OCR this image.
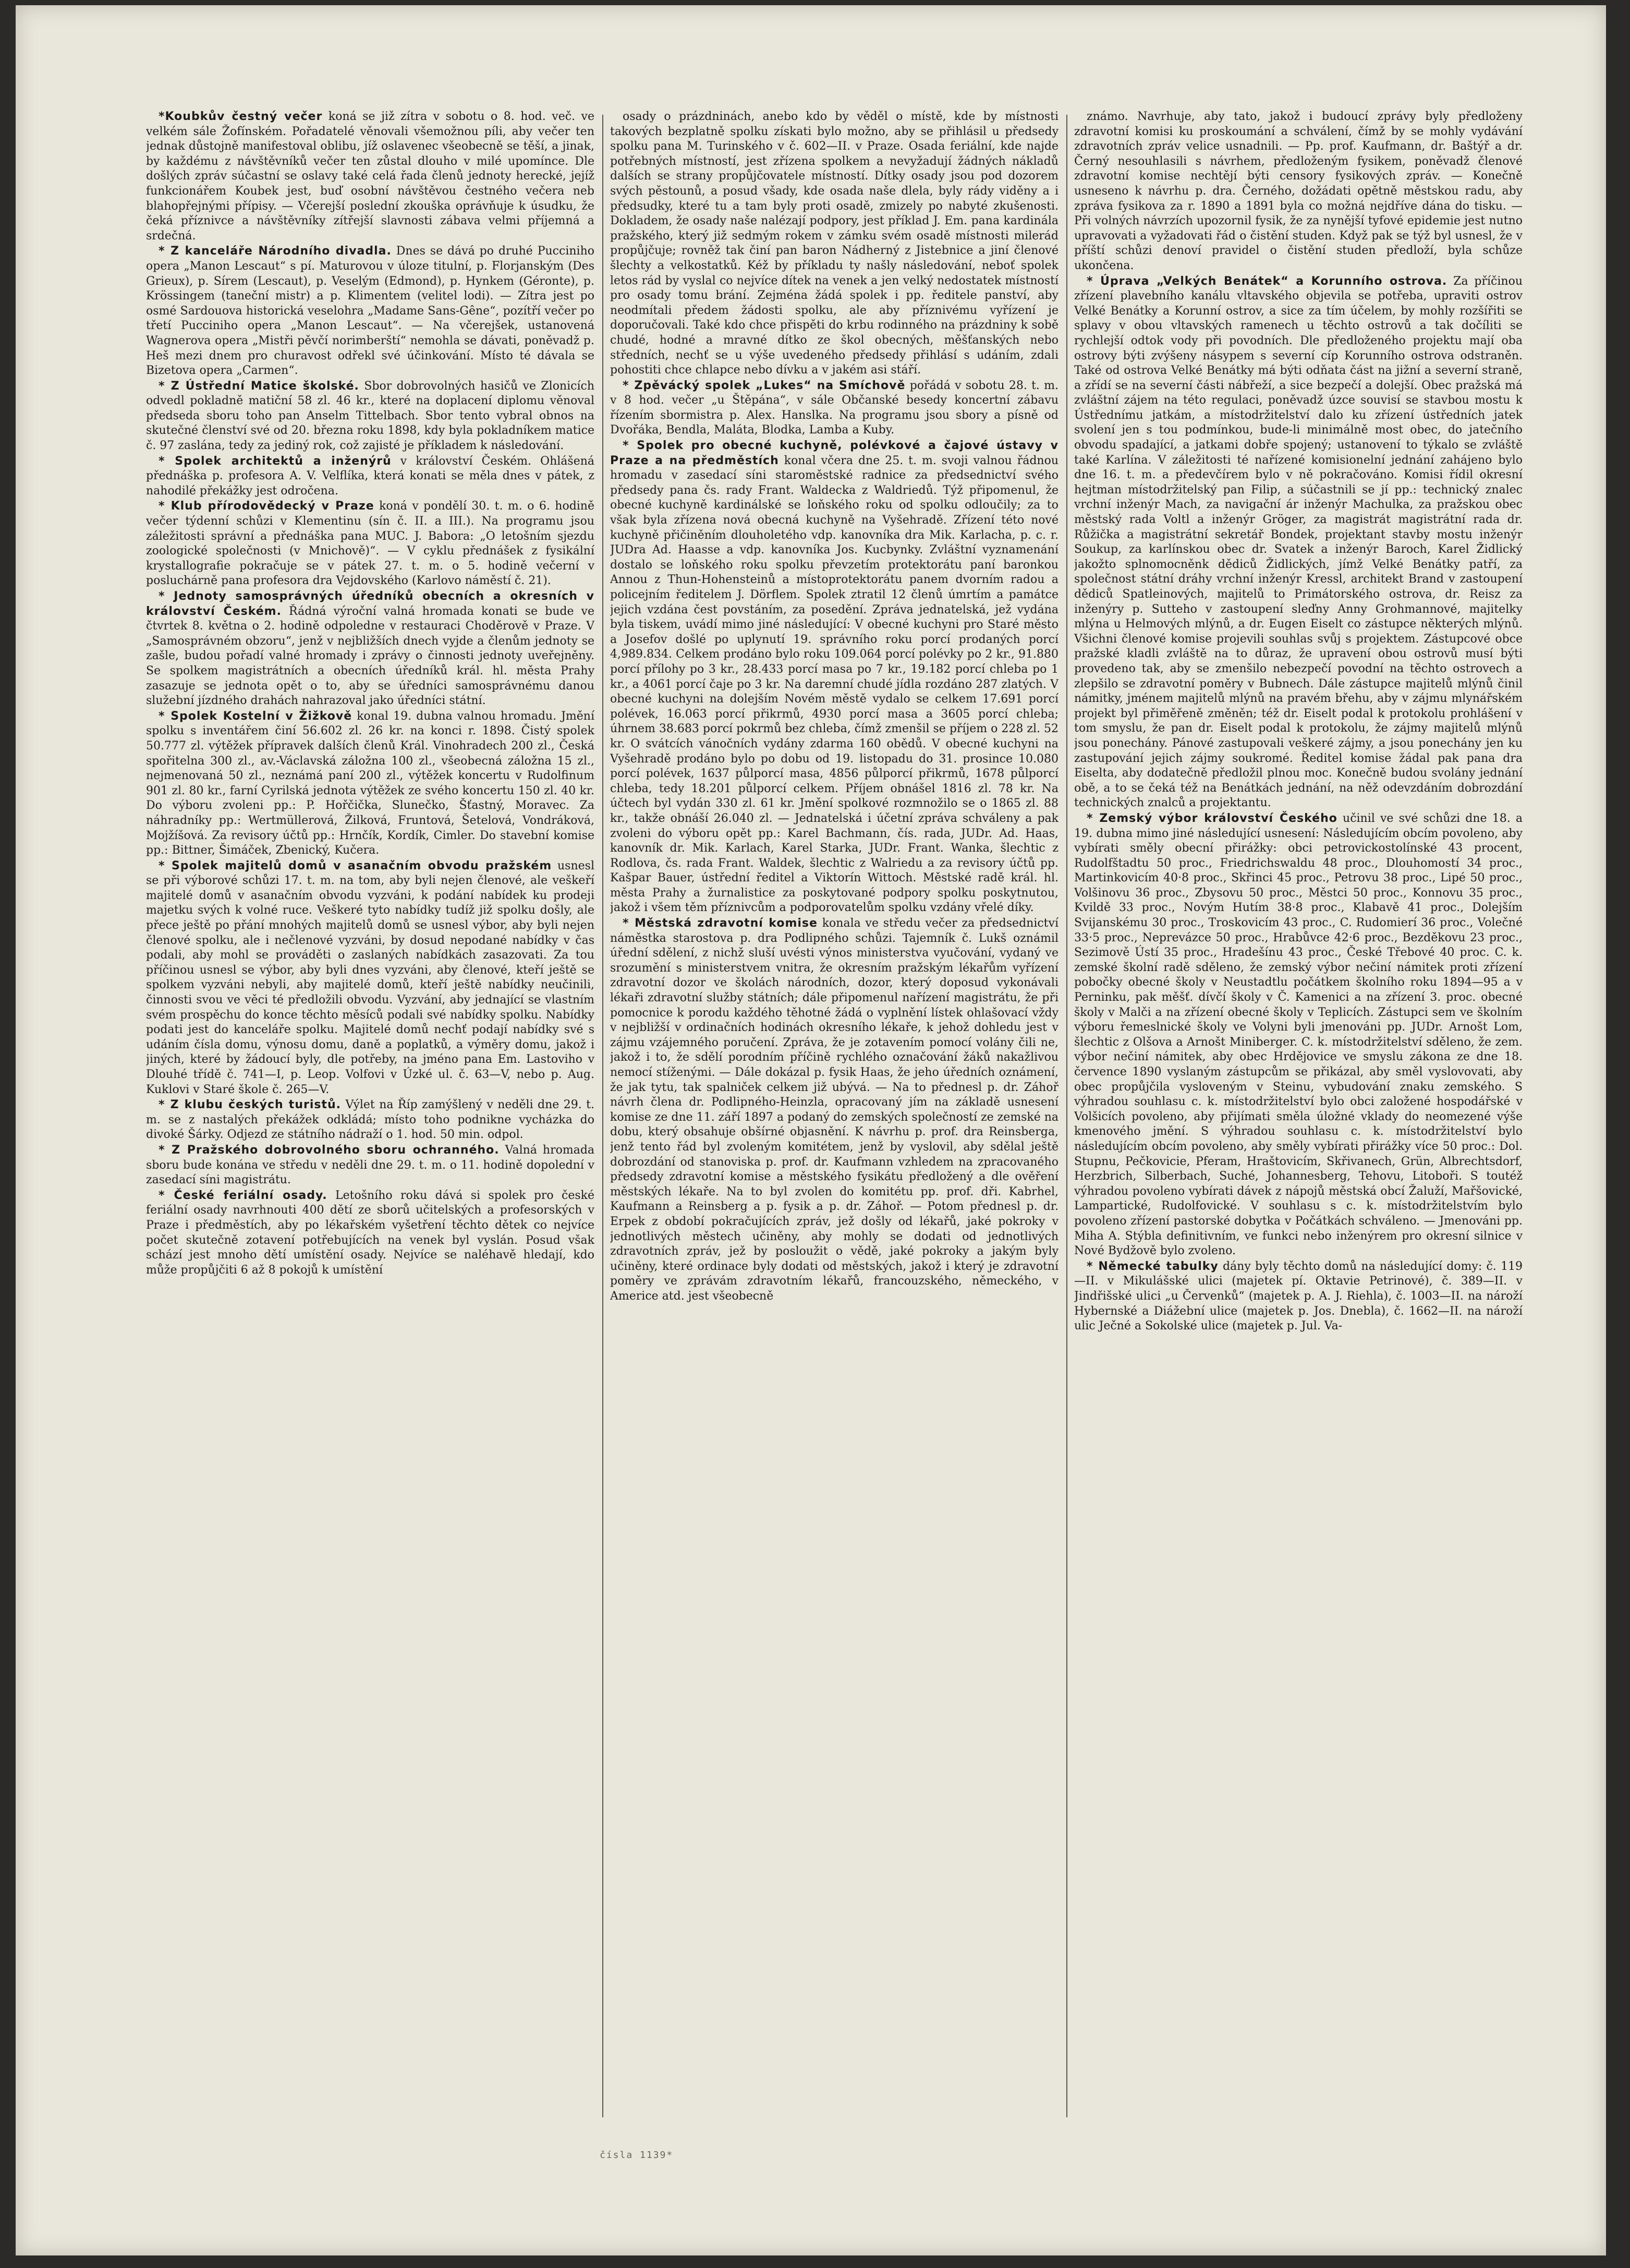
*Koubkův čestný večer koná se již zítra v sobotu o 8. hod. več. ve velkém sále Žofínském. Pořadatelé věnovali všemožnou píli, aby večer ten jednak důstojně manifestoval oblibu, jíž oslavenec všeobecně se těší, a jinak, by každému z návštěvníků večer ten zůstal dlouho v milé upomínce. Dle došlých zpráv súčastní se oslavy také celá řada členů jednoty herecké, jejíž funkcionářem Koubek jest, buď osobní návštěvou čestného večera neb blahopřejnými přípisy. — Včerejší poslední zkouška oprávňuje k úsudku, že čeká příznivce a návštěvníky zítřejší slavnosti zábava velmi příjemná a srdečná.

* Z kanceláře Národního divadla. Dnes se dává po druhé Pucciniho opera „Manon Lescaut“ s pí. Maturovou v úloze titulní, p. Florjanským (Des Grieux), p. Sírem (Lescaut), p. Veselým (Edmond), p. Hynkem (Géronte), p. Krössingem (taneční mistr) a p. Klimentem (velitel lodi). — Zítra jest po osmé Sardouova historická veselohra „Madame Sans-Gêne“, pozítří večer po třetí Pucciniho opera „Manon Lescaut“. — Na včerejšek, ustanovená Wagnerova opera „Mistři pěvčí norimberští“ nemohla se dávati, poněvadž p. Heš mezi dnem pro churavost odřekl své účinkování. Místo té dávala se Bizetova opera „Carmen“.

* Z Ústřední Matice školské. Sbor dobrovolných hasičů ve Zlonicích odvedl pokladně matiční 58 zl. 46 kr., které na doplacení diplomu věnoval předseda sboru toho pan Anselm Tittelbach. Sbor tento vybral obnos na skutečné členství své od 20. března roku 1898, kdy byla pokladníkem matice č. 97 zaslána, tedy za jediný rok, což zajisté je příkladem k následování.

* Spolek architektů a inženýrů v království Českém. Ohlášená přednáška p. profesora A. V. Velflíka, která konati se měla dnes v pátek, z nahodilé překážky jest odročena.

* Klub přírodovědecký v Praze koná v pondělí 30. t. m. o 6. hodině večer týdenní schůzi v Klementinu (sín č. II. a III.). Na programu jsou záležitosti správní a přednáška pana MUC. J. Babora: „O letošním sjezdu zoologické společnosti (v Mnichově)“. — V cyklu přednášek z fysikální krystallografie pokračuje se v pátek 27. t. m. o 5. hodině večerní v posluchárně pana profesora dra Vejdovského (Karlovo náměstí č. 21).

* Jednoty samosprávných úředníků obecních a okresních v království Českém. Řádná výroční valná hromada konati se bude ve čtvrtek 8. května o 2. hodině odpoledne v restauraci Choděrově v Praze. V „Samosprávném obzoru“, jenž v nejbližších dnech vyjde a členům jednoty se zašle, budou pořadí valné hromady i zprávy o činnosti jednoty uveřejněny. Se spolkem magistrátních a obecních úředníků král. hl. města Prahy zasazuje se jednota opět o to, aby se úředníci samosprávnému danou služební jízdného drahách nahrazoval jako úředníci státní.

* Spolek Kostelní v Žižkově konal 19. dubna valnou hromadu. Jmění spolku s inventářem činí 56.602 zl. 26 kr. na konci r. 1898. Čistý spolek 50.777 zl. výtěžek přípravek dalších členů Král. Vinohradech 200 zl., Česká spořitelna 300 zl., av.-Václavská záložna 100 zl., všeobecná záložna 15 zl., nejmenovaná 50 zl., neznámá paní 200 zl., výtěžek koncertu v Rudolfinum 901 zl. 80 kr., farní Cyrilská jednota výtěžek ze svého koncertu 150 zl. 40 kr. Do výboru zvoleni pp.: P. Hořčička, Slunečko, Šťastný, Moravec. Za náhradníky pp.: Wertmüllerová, Žilková, Fruntová, Šetelová, Vondráková, Mojžíšová. Za revisory účtů pp.: Hrnčík, Kordík, Cimler. Do stavební komise pp.: Bittner, Šimáček, Zbenický, Kučera.

* Spolek majitelů domů v asanačním obvodu pražském usnesl se při výborové schůzi 17. t. m. na tom, aby byli nejen členové, ale veškeří majitelé domů v asanačním obvodu vyzváni, k podání nabídek ku prodeji majetku svých k volné ruce. Veškeré tyto nabídky tudíž již spolku došly, ale přece ještě po přání mnohých majitelů domů se usnesl výbor, aby byli nejen členové spolku, ale i nečlenové vyzváni, by dosud nepodané nabídky v čas podali, aby mohl se prováděti o zaslaných nabídkách zasazovati. Za tou příčinou usnesl se výbor, aby byli dnes vyzváni, aby členové, kteří ještě se spolkem vyzváni nebyli, aby majitelé domů, kteří ještě nabídky neučinili, činnosti svou ve věci té předložili obvodu. Vyzvání, aby jednající se vlastním svém prospěchu do konce těchto měsíců podali své nabídky spolku. Nabídky podati jest do kanceláře spolku. Majitelé domů nechť podají nabídky své s udáním čísla domu, výnosu domu, daně a poplatků, a výměry domu, jakož i jiných, které by žádoucí byly, dle potřeby, na jméno pana Em. Lastoviho v Dlouhé třídě č. 741—I, p. Leop. Volfovi v Úzké ul. č. 63—V, nebo p. Aug. Kuklovi v Staré škole č. 265—V.

* Z klubu českých turistů. Výlet na Říp zamýšlený v neděli dne 29. t. m. se z nastalých překážek odkládá; místo toho podnikne vycházka do divoké Šárky. Odjezd ze státního nádraží o 1. hod. 50 min. odpol.

* Z Pražského dobrovolného sboru ochranného. Valná hromada sboru bude konána ve středu v neděli dne 29. t. m. o 11. hodině dopolední v zasedací síni magistrátu.

* České feriální osady. Letošního roku dává si spolek pro české feriální osady navrhnouti 400 dětí ze sborů učitelských a profesorských v Praze i předměstích, aby po lékařském vyšetření těchto dětek co nejvíce počet skutečně zotavení potřebujících na venek byl vyslán. Posud však schází jest mnoho dětí umístění osady. Nejvíce se naléhavě hledají, kdo může propůjčiti 6 až 8 pokojů k umístění

osady o prázdninách, anebo kdo by věděl o místě, kde by místnosti takových bezplatně spolku získati bylo možno, aby se přihlásil u předsedy spolku pana M. Turinského v č. 602—II. v Praze. Osada feriální, kde najde potřebných místností, jest zřízena spolkem a nevyžadují žádných nákladů dalších se strany propůjčovatele místností. Dítky osady jsou pod dozorem svých pěstounů, a posud všady, kde osada naše dlela, byly rády viděny a i předsudky, které tu a tam byly proti osadě, zmizely po nabyté zkušenosti. Dokladem, že osady naše nalézají podpory, jest příklad J. Em. pana kardinála pražského, který již sedmým rokem v zámku svém osadě místnosti milerád propůjčuje; rovněž tak činí pan baron Nádherný z Jistebnice a jiní členové šlechty a velkostatků. Kéž by příkladu ty našly následování, neboť spolek letos rád by vyslal co nejvíce dítek na venek a jen velký nedostatek místností pro osady tomu brání. Zejména žádá spolek i pp. ředitele panství, aby neodmítali předem žádosti spolku, ale aby příznivému vyřízení je doporučovali. Také kdo chce přispěti do krbu rodinného na prázdniny k sobě chudé, hodné a mravné dítko ze škol obecných, měšťanských nebo středních, nechť se u výše uvedeného předsedy přihlásí s udáním, zdali pohostiti chce chlapce nebo dívku a v jakém asi stáří.

* Zpěvácký spolek „Lukes“ na Smíchově pořádá v sobotu 28. t. m. v 8 hod. večer „u Štěpána“, v sále Občanské besedy koncertní zábavu řízením sbormistra p. Alex. Hanslka. Na programu jsou sbory a písně od Dvořáka, Bendla, Maláta, Blodka, Lamba a Kuby.

* Spolek pro obecné kuchyně, polévkové a čajové ústavy v Praze a na předměstích konal včera dne 25. t. m. svoji valnou řádnou hromadu v zasedací síni staroměstské radnice za předsednictví svého předsedy pana čs. rady Frant. Waldecka z Waldriedů. Týž připomenul, že obecné kuchyně kardinálské se loňského roku od spolku odloučily; za to však byla zřízena nová obecná kuchyně na Vyšehradě. Zřízení této nové kuchyně přičiněním dlouholetého vdp. kanovníka dra Mik. Karlacha, p. c. r. JUDra Ad. Haasse a vdp. kanovníka Jos. Kucbynky. Zvláštní vyznamenání dostalo se loňského roku spolku převzetím protektorátu paní baronkou Annou z Thun-Hohensteinů a místoprotektorátu panem dvorním radou a policejním ředitelem J. Dörflem. Spolek ztratil 12 členů úmrtím a památce jejich vzdána čest povstáním, za posedění. Zpráva jednatelská, jež vydána byla tiskem, uvádí mimo jiné následující: V obecné kuchyni pro Staré město a Josefov došlé po uplynutí 19. správního roku porcí prodaných porcí 4,989.834. Celkem prodáno bylo roku 109.064 porcí polévky po 2 kr., 91.880 porcí přílohy po 3 kr., 28.433 porcí masa po 7 kr., 19.182 porcí chleba po 1 kr., a 4061 porcí čaje po 3 kr. Na daremní chudé jídla rozdáno 287 zlatých. V obecné kuchyni na dolejším Novém městě vydalo se celkem 17.691 porcí polévek, 16.063 porcí přikrmů, 4930 porcí masa a 3605 porcí chleba; úhrnem 38.683 porcí pokrmů bez chleba, čímž zmenšil se příjem o 228 zl. 52 kr. O svátcích vánočních vydány zdarma 160 obědů. V obecné kuchyni na Vyšehradě prodáno bylo po dobu od 19. listopadu do 31. prosince 10.080 porcí polévek, 1637 půlporcí masa, 4856 půlporcí přikrmů, 1678 půlporcí chleba, tedy 18.201 půlporcí celkem. Příjem obnášel 1816 zl. 78 kr. Na účtech byl vydán 330 zl. 61 kr. Jmění spolkové rozmnožilo se o 1865 zl. 88 kr., takže obnáší 26.040 zl. — Jednatelská i účetní zpráva schváleny a pak zvoleni do výboru opět pp.: Karel Bachmann, čís. rada, JUDr. Ad. Haas, kanovník dr. Mik. Karlach, Karel Starka, JUDr. Frant. Wanka, šlechtic z Rodlova, čs. rada Frant. Waldek, šlechtic z Walriedu a za revisory účtů pp. Kašpar Bauer, ústřední ředitel a Viktorín Wittoch. Městské radě král. hl. města Prahy a žurnalistice za poskytované podpory spolku poskytnutou, jakož i všem těm příznivcům a podporovatelům spolku vzdány vřelé díky.

* Městská zdravotní komise konala ve středu večer za předsednictví náměstka starostova p. dra Podlipného schůzi. Tajemník č. Lukš oznámil úřední sdělení, z nichž sluší uvésti výnos ministerstva vyučování, vydaný ve srozumění s ministerstvem vnitra, že okresním pražským lékařům vyřízení zdravotní dozor ve školách národních, dozor, který doposud vykonávali lékaři zdravotní služby státních; dále připomenul nařízení magistrátu, že při pomocnice k porodu každého těhotné žádá o vyplnění lístek ohlašovací vždy v nejbližší v ordinačních hodinách okresního lékaře, k jehož dohledu jest v zájmu vzájemného poručení. Zpráva, že je zotavením pomocí volány čili ne, jakož i to, že sdělí porodním příčině rychlého označování žáků nakažlivou nemocí stíženými. — Dále dokázal p. fysik Haas, že jeho úředních oznámení, že jak tytu, tak spalniček celkem již ubývá. — Na to přednesl p. dr. Záhoř návrh člena dr. Podlipného-Heinzla, opracovaný jím na základě usnesení komise ze dne 11. září 1897 a podaný do zemských společností ze zemské na dobu, který obsahuje obšírné objasnění. K návrhu p. prof. dra Reinsberga, jenž tento řád byl zvoleným komitétem, jenž by vyslovil, aby sdělal ještě dobrozdání od stanoviska p. prof. dr. Kaufmann vzhledem na zpracovaného předsedy zdravotní komise a městského fysikátu předložený a dle ověření městských lékaře. Na to byl zvolen do komitétu pp. prof. dři. Kabrhel, Kaufmann a Reinsberg a p. fysik a p. dr. Záhoř. — Potom přednesl p. dr. Erpek z období pokračujících zpráv, jež došly od lékařů, jaké pokroky v jednotlivých městech učiněny, aby mohly se dodati od jednotlivých zdravotních zpráv, jež by posloužit o vědě, jaké pokroky a jakým byly učiněny, které ordinace byly dodati od městských, jakož i který je zdravotní poměry ve zprávám zdravotním lékařů, francouzského, německého, v Americe atd. jest všeobecně

známo. Navrhuje, aby tato, jakož i budoucí zprávy byly předloženy zdravotní komisi ku proskoumání a schválení, čímž by se mohly vydávání zdravotních zpráv velice usnadnili. — Pp. prof. Kaufmann, dr. Baštýř a dr. Černý nesouhlasili s návrhem, předloženým fysikem, poněvadž členové zdravotní komise nechtějí býti censory fysikových zpráv. — Konečně usneseno k návrhu p. dra. Černého, dožádati opětně městskou radu, aby zpráva fysikova za r. 1890 a 1891 byla co možná nejdříve dána do tisku. — Při volných návrzích upozornil fysik, že za nynější tyfové epidemie jest nutno upravovati a vyžadovati řád o čistění studen. Když pak se týž byl usnesl, že v příští schůzi denoví pravidel o čistění studen předloží, byla schůze ukončena.

* Úprava „Velkých Benátek“ a Korunního ostrova. Za příčinou zřízení plavebního kanálu vltavského objevila se potřeba, upraviti ostrov Velké Benátky a Korunní ostrov, a sice za tím účelem, by mohly rozšířiti se splavy v obou vltavských ramenech u těchto ostrovů a tak dočíliti se rychlejší odtok vody při povodních. Dle předloženého projektu mají oba ostrovy býti zvýšeny násypem s severní cíp Korunního ostrova odstraněn. Také od ostrova Velké Benátky má býti odňata část na jižní a severní straně, a zřídí se na severní části nábřeží, a sice bezpečí a dolejší. Obec pražská má zvláštní zájem na této regulaci, poněvadž úzce souvisí se stavbou mostu k Ústřednímu jatkám, a místodržitelství dalo ku zřízení ústředních jatek svolení jen s tou podmínkou, bude-li minimálně most obec, do jatečního obvodu spadající, a jatkami dobře spojený; ustanovení to týkalo se zvláště také Karlína. V záležitosti té nařízené komisionelní jednání zahájeno bylo dne 16. t. m. a předevčírem bylo v ně pokračováno. Komisi řídil okresní hejtman místodržitelský pan Filip, a súčastnili se jí pp.: technický znalec vrchní inženýr Mach, za navigační ár inženýr Machulka, za pražskou obec městský rada Voltl a inženýr Gröger, za magistrát magistrátní rada dr. Růžička a magistrátní sekretář Bondek, projektant stavby mostu inženýr Soukup, za karlínskou obec dr. Svatek a inženýr Baroch, Karel Židlický jakožto splnomocněnk dědiců Židlických, jímž Velké Benátky patří, za společnost státní dráhy vrchní inženýr Kressl, architekt Brand v zastoupení dědiců Spatleinových, majitelů to Primátorského ostrova, dr. Reisz za inženýry p. Sutteho v zastoupení sleďny Anny Grohmannové, majitelky mlýna u Helmových mlýnů, a dr. Eugen Eiselt co zástupce některých mlýnů. Všichni členové komise projevili souhlas svůj s projektem. Zástupcové obce pražské kladli zvláště na to důraz, že upravení obou ostrovů musí býti provedeno tak, aby se zmenšilo nebezpečí povodní na těchto ostrovech a zlepšilo se zdravotní poměry v Bubnech. Dále zástupce majitelů mlýnů činil námitky, jménem majitelů mlýnů na pravém břehu, aby v zájmu mlynářském projekt byl přiměřeně změněn; též dr. Eiselt podal k protokolu prohlášení v tom smyslu, že pan dr. Eiselt podal k protokolu, že zájmy majitelů mlýnů jsou ponechány. Pánové zastupovali veškeré zájmy, a jsou ponechány jen ku zastupování jejich zájmy soukromé. Ředitel komise žádal pak pana dra Eiselta, aby dodatečně předložil plnou moc. Konečně budou svolány jednání obě, a to se čeká též na Benátkách jednání, na něž odevzdáním dobrozdání technických znalců a projektantu.

* Zemský výbor království Českého učinil ve své schůzi dne 18. a 19. dubna mimo jiné následující usnesení: Následujícím obcím povoleno, aby vybírati směly obecní přirážky: obci petrovickostolínské 43 procent, Rudolfštadtu 50 proc., Friedrichswaldu 48 proc., Dlouhomostí 34 proc., Martinkovicím 40·8 proc., Skřinci 45 proc., Petrovu 38 proc., Lipé 50 proc., Volšinovu 36 proc., Zbysovu 50 proc., Městci 50 proc., Konnovu 35 proc., Kvildě 33 proc., Novým Hutím 38·8 proc., Klabavě 41 proc., Dolejším Svijanskému 30 proc., Troskovicím 43 proc., C. Rudomierí 36 proc., Volečné 33·5 proc., Neprevázce 50 proc., Hrabůvce 42·6 proc., Bezděkovu 23 proc., Sezimově Ústí 35 proc., Hradešínu 43 proc., České Třebové 40 proc. C. k. zemské školní radě sděleno, že zemský výbor nečiní námitek proti zřízení pobočky obecné školy v Neustadtlu počátkem školního roku 1894—95 a v Perninku, pak měšť. dívčí školy v Č. Kamenici a na zřízení 3. proc. obecné školy v Malči a na zřízení obecné školy v Teplicích. Zástupci sem ve školním výboru řemeslnické školy ve Volyni byli jmenováni pp. JUDr. Arnošt Lom, šlechtic z Olšova a Arnošt Miniberger. C. k. místodržitelství sděleno, že zem. výbor nečiní námitek, aby obec Hrdějovice ve smyslu zákona ze dne 18. července 1890 vyslaným zástupcům se přikázal, aby směl vyslovovati, aby obec propůjčila vysloveným v Steinu, vybudování znaku zemského. S výhradou souhlasu c. k. místodržitelství bylo obci založené hospodářské v Volšicích povoleno, aby přijímati směla úložné vklady do neomezené výše kmenového jmění. S výhradou souhlasu c. k. místodržitelství bylo následujícím obcím povoleno, aby směly vybírati přirážky více 50 proc.: Dol. Stupnu, Pečkovicie, Pferam, Hraštovicím, Skřivanech, Grün, Albrechtsdorf, Herzbrich, Silberbach, Suché, Johannesberg, Tehovu, Litoboři. S toutéž výhradou povoleno vybírati dávek z nápojů městská obcí Žaluží, Mařšovické, Lampartické, Rudolfovické. V souhlasu s c. k. místodržitelstvím bylo povoleno zřízení pastorské dobytka v Počátkách schváleno. — Jmenováni pp. Miha A. Stýbla definitivním, ve funkci nebo inženýrem pro okresní silnice v Nové Bydžově bylo zvoleno.

* Německé tabulky dány byly těchto domů na následující domy: č. 119—II. v Mikulášské ulici (majetek pí. Oktavie Petrinové), č. 389—II. v Jindřišské ulici „u Červenků“ (majetek p. A. J. Riehla), č. 1003—II. na nároží Hybernské a Diážební ulice (majetek p. Jos. Dnebla), č. 1662—II. na nároží ulic Ječné a Sokolské ulice (majetek p. Jul. Va-

čísla 1139*
